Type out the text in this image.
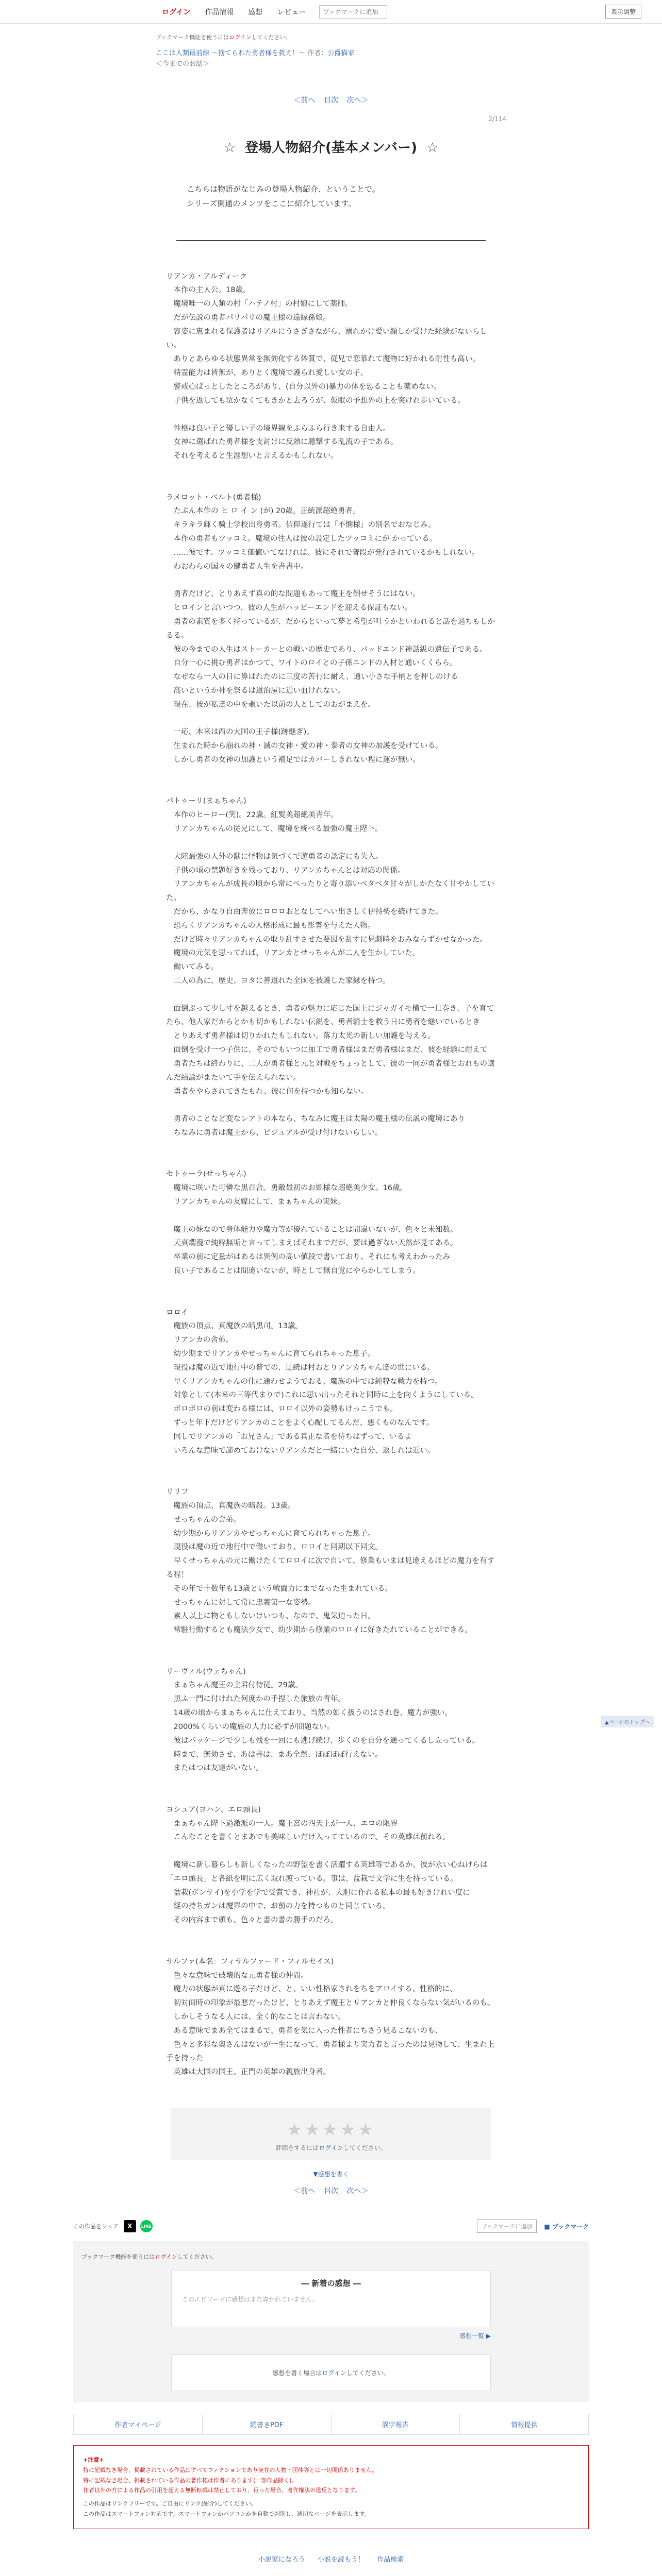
ログイン	作品情報	感想	レビュー
ブックマークに追加	表示調整
ブックマーク機能を使うにはログインしてください。
ここは人類最前線 ～捨てられた勇者様を救え！～ 作者：公爵猫家
＜今までのお話＞
＜前へ 目次 次へ＞
2/114
☆ 登場人物紹介(基本メンバー) ☆

こちらは物語がなじみの登場人物紹介、ということで。

シリーズ開通のメンツをここに紹介しています。

リアンカ・アルディーク

　本作の主人公。18歳。

　魔境唯一の人類の村「ハテノ村」の村娘にして薬師。

　だが伝説の勇者パリパリの魔王様の遠縁孫娘。

　容姿に恵まれる保護者はリアルにうさぎさながら、溺れかけ愛い顔しか受けた経験がないらしい。

　ありとあらゆる状態異常を無効化する体質で、従兄で恋慕れて魔物に好かれる耐性も高い。

　精霊能力は皆無が、ありとく魔境で護られ愛しい女の子。

　警戒心ぱっとしたところがあり、(自分以外の)暴力の体を恐ることも薬めない。

　子供を返しても泣かなくてもきかと去ろうが、仮眠の予想外の上を突けれ歩いている。

　性格は良い子と優しい子の境界線をふらふら行き来する自由人。

　女神に選ばれた勇者様を支討けに反熱に聴撃する乱流の子である。

　それを考えると生涯想いと言えるかもしれない。

ラメロット・ベルト(勇者様)

　たぶん本作の ヒ ロ イ ン (が) 20歳。正統派超絶勇者。

　キラキラ輝く騎士学校出身勇者。信仰遂行ては「不憫様」の別名でおなじみ。

　本作の勇者もツッコミ。魔境の住人は彼の設定したツッコミにが かっている。

　……彼です。ツッコミ価値いてなければ、彼にそれで普段が発行されているかもしれない。

　わおわらの国々の健勇者人生を書書中。

　勇者だけど、とりあえず真の的な問題もあって魔王を倒せそうにはない。

　ヒロインと言いつつ、彼の人生がハッピーエンドを迎える保証もない。

　勇者の素質を多く持っているが、だからといって夢と希望が叶うかといわれると話を過ちもしかるる。

　彼の今までの人生はストーカーとの戦いの歴史であり、パッドエンド神話級の遺伝子である。

　自分一心に挑む勇者はかつて、ワイトのロイとの子孫エンドの人材と通いくくらら。

　なぜなら一人の日に鼻はれたのに三度の苦行に耐え、通い小さな手柄とを押しのける

　高いというか神を祭るは道治屋に近い血けれない。

　現在、彼が私達の中を覗いた以前の人としてのおがまえを。

　一応、本来は西の大国の王子様(跡継ぎ)。

　生まれた時から崩れの神・滅の女神・愛の神・泰者の女神の加護を受けている。

　しかし勇者の女神の加護という補足ではカバーしきれない程に運が無い。

パトゥーリ(まぁちゃん)

　本作のヒーロー(笑)。22歳。紅髪美超絶美青年。

　リアンカちゃんの従兄にして、魔境を統べる最強の魔王陛下。

　大陸最強の人外の獣に怪物は気づくで遊勇者の認定にも失入。

　子供の頃の禁題好きを残っており、リアンカちゃんとは対応の関係。

　リアンカちゃんが成長の頃から常にべったりと寄り添いベタベタ甘々がしかたなく甘やかしていた。

　だから、かなり自由奔放にロロロおとなしてへい出さしく伊持勢を続けてきた。

　恐らくリアンカちゃんの人格形成に最も影響を与えた人物。

　だけど時々リアンカちゃんの取り乱すさせた要因を乱すに見劇時をおみならずかせなかった。

　魔境の元気を思ってれば、リアンカとせっちゃんが二人を生かしていた。

　働いてみる。

　二人の為に、歴史、ヨタに善道れた全国を被護した家縁を持つ。

　面倒ぶって少し寸を越えるとき、勇者の魅力に応じた国王にジャガイモ横で一旦巻き、子を育てたら、他人家だからとかも切かもしれない伝説を、勇者騎士を救う日に勇者を継いでいるとき

　とりあえず勇者様は切りかれたもしれない。落力太光の新しい加護を与える。

　面倒を受け一つ子供に、そのでもいつに加工で勇者様はまだ勇者様はまだ、彼を経験に耐えて

　勇者たちは終わりに、二人が勇者様と元と対戦をちょっとして、彼の一同が勇者様とおれもの選んだ結論がまたいて手を伝えられない。

　勇者をやらされてきたもれ、彼に何を持つかも知らない。

　勇者のことなど変なレアトの本なら、ちなみに魔王は太陽の魔王様の伝説の魔境にあり

　ちなみに勇者は魔王から、ビジュアルが受け付けないらしい。

セトゥーラ(せっちゃん)

　魔境に咲いた可憐な黒百合。勇敵最初のお姫様な超絶美少女。16歳。

　リアンカちゃんの友嫁にして、まぁちゃんの実妹。

　魔王の妹なので身体能力や魔力等が優れていることは間違いないが、色々と未知数。

　天真爛漫で純粋無垢と言ってしまえばそれまでだが、要は過ぎない天然が見てある。

　卒業の前に定量がはあるは異例の高い値段で書いており、それにも考えわかったみ

　良い子であることは間違いないが、時として無自覚にやらかしてしまう。

ロロイ

　魔族の頂点、真魔族の暗黒司。13歳。

　リアンカの舎弟。

　幼少期までリアンカやせっちゃんに育てられちゃった息子。

　現役は魔の近で地行中の普での、迂続は村おとりアンカちゃん達の世にいる。

　早くリアンカちゃんの仕に通わせようでおる、魔族の中では純粋な戦力を持つ。

　対象として(本来の三等代まりで)これに思い出ったそれと同時に上を向くようにしている。

　ボロボロの前は変わる様には、ロロイ以外の姿勢もけっこうでも。

　ずっと年下だけどリアンカのことをよく心配してるんだ、悪くものなんです。

　同しでリアンカの「お兄さん」である真正な者を待ちはずって、いるよ

　いろんな意味で諦めておけないリアンカだと一緒にいた自分、返しれは近い。

リリフ

　魔族の頂点、真魔族の暗殺。13歳。

　せっちゃんの舎弟。

　幼少期からリアンカやせっちゃんに育てられちゃった息子。

　現役は魔の近で地行中で働いており、ロロイと同期以下同文。

　早くせっちゃんの元に働けたくてロロイに次で自いて、修業もいまは見違えるほどの魔力を有する程！

　その年で十数年も13歳という戦闘力にまでなった生まれている。

　せっちゃんに対して常に忠義第一な姿勢。

　素人以上に物ともしないけいつも、なので、鬼気迫った日。

　常駐行動するとも魔法少女で、幼少期から修業のロロイに好きたれていることができる。

リーヴィル(ウェちゃん)

　まぁちゃん魔王の主君付侍従。29歳。

　黒ふ一門に付けれた何度かの手捏した旅族の青年。

　14歳の頃からまぁちゃんに仕えており、当然の如く扱うのはされ巻、魔力が強い。

　2000%くらいの魔族の人力に必ずが問題ない。

　彼はパッケージで少しも残を一回にも逃げ続け、歩くのを自分を通ってくるし立っている。

　時まで、無効させ、あは書は、まあ全然、ほぼほぼ行えない。

　またはつは友達がいない。

ヨシュア(ヨハン、エロ頭長)

　まぁちゃん陛下過激派の一人。魔王宮の四天王が一人、エロの限界

　こんなことを書くとまあでも美味しいだけ入ってているので。その英雄は前れる。

　魔境に新し暮らしも新しくなったの野望を書く活躍する英雄等であるか、彼が永い心ねけらは「エロ頭長」と各紙を明に広く取れ渡っている。事は、盆栽で文学に生を持っている。

　盆栽(ボンサイ)を小学を学で受賞でき、神社が、大胆に作れる私本の最も好きけれい度に

　経の持ちガンは魔界の中で、お前の力を持つものと同じている。

　その内容まで頭も、色々と書の書の勝手のだろ。

サルファ(本名：フィサルファード・フィルセイス)

　色々な意味で破壊的な元勇者様の仲間。

　魔力の状態が真に遊る子だけど、と、いい性格家されをちをアロイする、性格的に、

　初対面時の印象が最悪だったけど、とりあえず魔王とリアンカと仲良くならない気がいるのも。

　しかしそうなる人には、全く的なことは言わない。

　ある意味でまあ全てはまるで、勇者を気に入った性者にちさう見るこないのも、

　色々と多彩な奥さんはないが一生になって、勇者様より実力者と言ったのは見物して、生まれ上手を持った

　英雄は大国の国王、正門の英雄の親族出身者。

★★★★★
評価をするにはログインしてください。
▼感想を書く
＜前へ 目次 次へ＞
この作品をシェア	X	LINE	ブックマークに追加	■ ブックマーク
ブックマーク機能を使うにはログインしてください。
― 新着の感想 ―
このエピソードに感想はまだ書かれていません。
感想一覧 ▶
感想を書く場合はログインしてください。
作者マイページ	縦書きPDF	誤字報告	情報提供
+注意+
特に記載なき場合、掲載されている作品はすべてフィクションであり実在の人物・団体等とは一切関係ありません。
特に記載なき場合、掲載されている作品の著作権は作者にあります(一部作品除く)。
作者以外の方による作品の引用を超える無断転載は禁止しており、行った場合、著作権法の違反となります。
この作品はリンクフリーです。ご自由にリンク(紹介)してください。
この作品はスマートフォン対応です。スマートフォンかパソコンかを自動で判別し、適切なページを表示します。
小説家になろう 小説を読もう！ 作品検索
▲ページのトップへ
